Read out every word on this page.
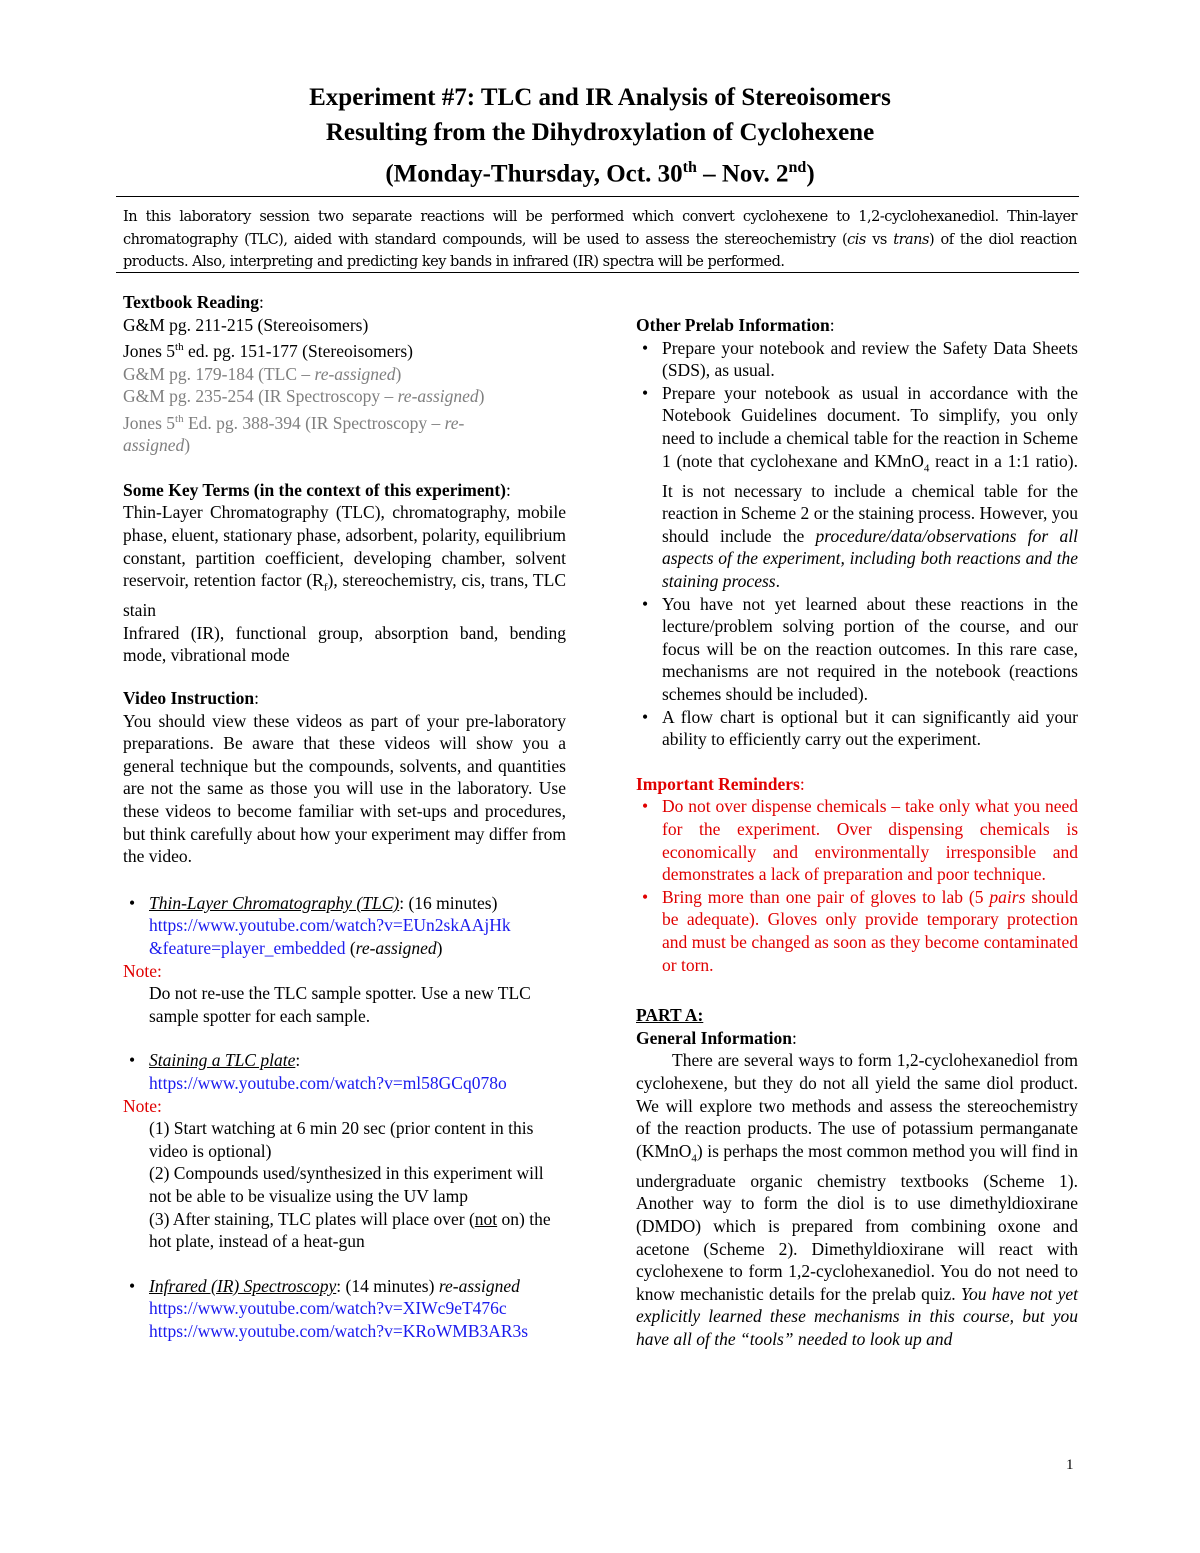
Experiment #7: TLC and IR Analysis of Stereoisomers
Resulting from the Dihydroxylation of Cyclohexene
(Monday-Thursday, Oct. 30th – Nov. 2nd)
In this laboratory session two separate reactions will be performed which convert cyclohexene to 1,2-cyclohexanediol. Thin-layer chromatography (TLC), aided with standard compounds, will be used to assess the stereochemistry (cis vs trans) of the diol reaction products. Also, interpreting and predicting key bands in infrared (IR) spectra will be performed.
Textbook Reading:
G&M pg. 211-215 (Stereoisomers)
Jones 5th ed. pg. 151-177 (Stereoisomers)
G&M pg. 179-184 (TLC – re-assigned)
G&M pg. 235-254 (IR Spectroscopy – re-assigned)
Jones 5th Ed. pg. 388-394 (IR Spectroscopy – re-
assigned)
Some Key Terms (in the context of this experiment):
Thin-Layer Chromatography (TLC), chromatography, mobile phase, eluent, stationary phase, adsorbent, polarity, equilibrium constant, partition coefficient, developing chamber, solvent reservoir, retention factor $(R_f)$, stereochemistry, cis, trans, TLC stain
Infrared (IR), functional group, absorption band, bending mode, vibrational mode
Video Instruction:
You should view these videos as part of your pre-laboratory preparations. Be aware that these videos will show you a general technique but the compounds, solvents, and quantities are not the same as those you will use in the laboratory. Use these videos to become familiar with set-ups and procedures, but think carefully about how your experiment may differ from the video.
• Thin-Layer Chromatography (TLC): (16 minutes)
https://www.youtube.com/watch?v=EUn2skAAjHk
&feature=player_embedded (re-assigned)
Note:
Do not re-use the TLC sample spotter. Use a new TLC sample spotter for each sample.
• Staining a TLC plate:
https://www.youtube.com/watch?v=ml58GCq078o
Note:
(1) Start watching at 6 min 20 sec (prior content in this video is optional)
(2) Compounds used/synthesized in this experiment will not be able to be visualize using the UV lamp
(3) After staining, TLC plates will place over (not on) the hot plate, instead of a heat-gun
• Infrared (IR) Spectroscopy: (14 minutes) re-assigned
https://www.youtube.com/watch?v=XIWc9eT476c
https://www.youtube.com/watch?v=KRoWMB3AR3s
Other Prelab Information:
• Prepare your notebook and review the Safety Data Sheets (SDS), as usual.
• Prepare your notebook as usual in accordance with the Notebook Guidelines document. To simplify, you only need to include a chemical table for the reaction in Scheme 1 (note that cyclohexane and KMnO$_4$ react in a 1:1 ratio). It is not necessary to include a chemical table for the reaction in Scheme 2 or the staining process. However, you should include the procedure/data/observations for all aspects of the experiment, including both reactions and the staining process.
• You have not yet learned about these reactions in the lecture/problem solving portion of the course, and our focus will be on the reaction outcomes. In this rare case, mechanisms are not required in the notebook (reactions schemes should be included).
• A flow chart is optional but it can significantly aid your ability to efficiently carry out the experiment.
Important Reminders:
• Do not over dispense chemicals – take only what you need for the experiment. Over dispensing chemicals is economically and environmentally irresponsible and demonstrates a lack of preparation and poor technique.
• Bring more than one pair of gloves to lab (5 pairs should be adequate). Gloves only provide temporary protection and must be changed as soon as they become contaminated or torn.
PART A:
General Information:
There are several ways to form 1,2-cyclohexanediol from cyclohexene, but they do not all yield the same diol product. We will explore two methods and assess the stereochemistry of the reaction products. The use of potassium permanganate (KMnO$_4$) is perhaps the most common method you will find in undergraduate organic chemistry textbooks (Scheme 1). Another way to form the diol is to use dimethyldioxirane (DMDO) which is prepared from combining oxone and acetone (Scheme 2). Dimethyldioxirane will react with cyclohexene to form 1,2-cyclohexanediol. You do not need to know mechanistic details for the prelab quiz. You have not yet explicitly learned these mechanisms in this course, but you have all of the “tools” needed to look up and
1
